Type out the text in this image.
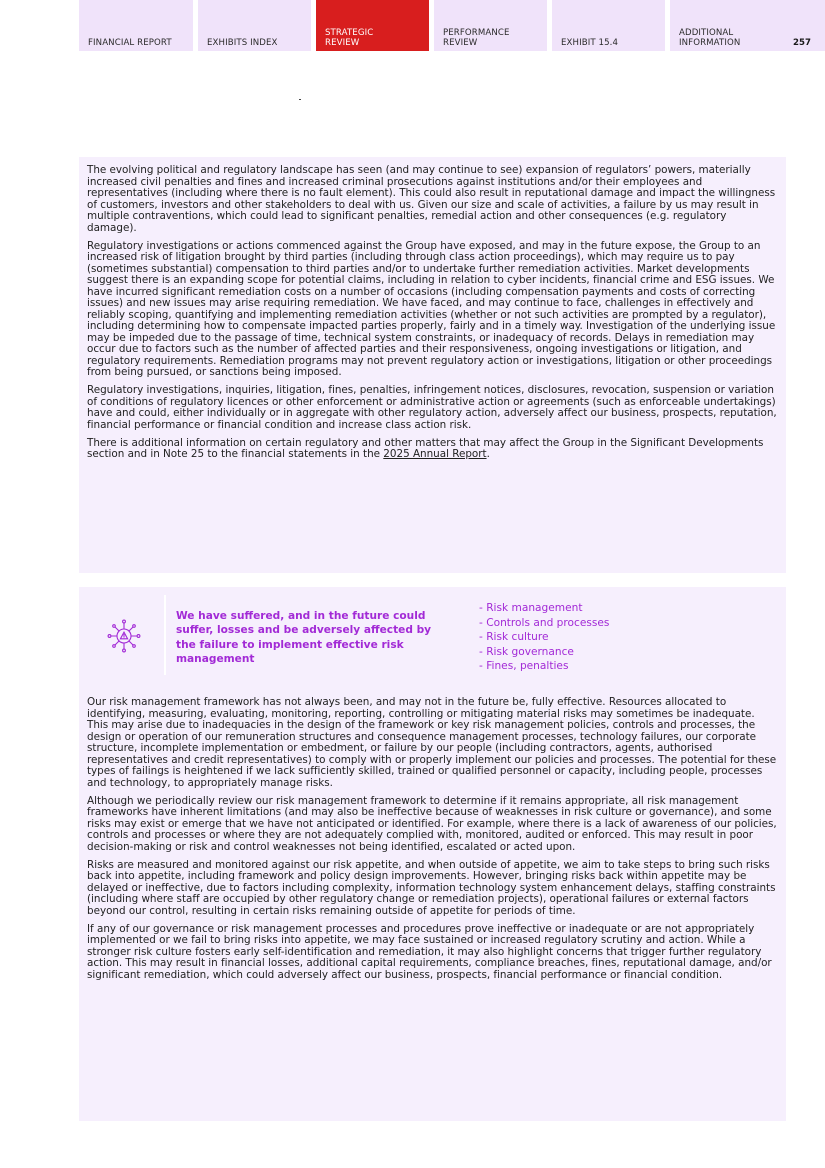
FINANCIAL REPORT	EXHIBITS INDEX
STRATEGIC
REVIEW
PERFORMANCE
REVIEW	EXHIBIT 15.4
ADDITIONAL
INFORMATION	257

The evolving political and regulatory landscape has seen (and may continue to see) expansion of regulators’ powers, materially increased civil penalties and fines and increased criminal prosecutions against institutions and/or their employees and representatives (including where there is no fault element). This could also result in reputational damage and impact the willingness of customers, investors and other stakeholders to deal with us. Given our size and scale of activities, a failure by us may result in multiple contraventions, which could lead to significant penalties, remedial action and other consequences (e.g. regulatory damage).

Regulatory investigations or actions commenced against the Group have exposed, and may in the future expose, the Group to an increased risk of litigation brought by third parties (including through class action proceedings), which may require us to pay (sometimes substantial) compensation to third parties and/or to undertake further remediation activities. Market developments suggest there is an expanding scope for potential claims, including in relation to cyber incidents, financial crime and ESG issues. We have incurred significant remediation costs on a number of occasions (including compensation payments and costs of correcting issues) and new issues may arise requiring remediation. We have faced, and may continue to face, challenges in effectively and reliably scoping, quantifying and implementing remediation activities (whether or not such activities are prompted by a regulator), including determining how to compensate impacted parties properly, fairly and in a timely way. Investigation of the underlying issue may be impeded due to the passage of time, technical system constraints, or inadequacy of records. Delays in remediation may occur due to factors such as the number of affected parties and their responsiveness, ongoing investigations or litigation, and regulatory requirements. Remediation programs may not prevent regulatory action or investigations, litigation or other proceedings from being pursued, or sanctions being imposed.

Regulatory investigations, inquiries, litigation, fines, penalties, infringement notices, disclosures, revocation, suspension or variation of conditions of regulatory licences or other enforcement or administrative action or agreements (such as enforceable undertakings) have and could, either individually or in aggregate with other regulatory action, adversely affect our business, prospects, reputation, financial performance or financial condition and increase class action risk.

There is additional information on certain regulatory and other matters that may affect the Group in the Significant Developments section and in Note 25 to the financial statements in the 2025 Annual Report.

We have suffered, and in the future could suffer, losses and be adversely affected by the failure to implement effective risk management
- Risk management
- Controls and processes
- Risk culture
- Risk governance
- Fines, penalties

Our risk management framework has not always been, and may not in the future be, fully effective. Resources allocated to identifying, measuring, evaluating, monitoring, reporting, controlling or mitigating material risks may sometimes be inadequate. This may arise due to inadequacies in the design of the framework or key risk management policies, controls and processes, the design or operation of our remuneration structures and consequence management processes, technology failures, our corporate structure, incomplete implementation or embedment, or failure by our people (including contractors, agents, authorised representatives and credit representatives) to comply with or properly implement our policies and processes. The potential for these types of failings is heightened if we lack sufficiently skilled, trained or qualified personnel or capacity, including people, processes and technology, to appropriately manage risks.

Although we periodically review our risk management framework to determine if it remains appropriate, all risk management frameworks have inherent limitations (and may also be ineffective because of weaknesses in risk culture or governance), and some risks may exist or emerge that we have not anticipated or identified. For example, where there is a lack of awareness of our policies, controls and processes or where they are not adequately complied with, monitored, audited or enforced. This may result in poor decision-making or risk and control weaknesses not being identified, escalated or acted upon.

Risks are measured and monitored against our risk appetite, and when outside of appetite, we aim to take steps to bring such risks back into appetite, including framework and policy design improvements. However, bringing risks back within appetite may be delayed or ineffective, due to factors including complexity, information technology system enhancement delays, staffing constraints (including where staff are occupied by other regulatory change or remediation projects), operational failures or external factors beyond our control, resulting in certain risks remaining outside of appetite for periods of time.

If any of our governance or risk management processes and procedures prove ineffective or inadequate or are not appropriately implemented or we fail to bring risks into appetite, we may face sustained or increased regulatory scrutiny and action. While a stronger risk culture fosters early self-identification and remediation, it may also highlight concerns that trigger further regulatory action. This may result in financial losses, additional capital requirements, compliance breaches, fines, reputational damage, and/or significant remediation, which could adversely affect our business, prospects, financial performance or financial condition.
